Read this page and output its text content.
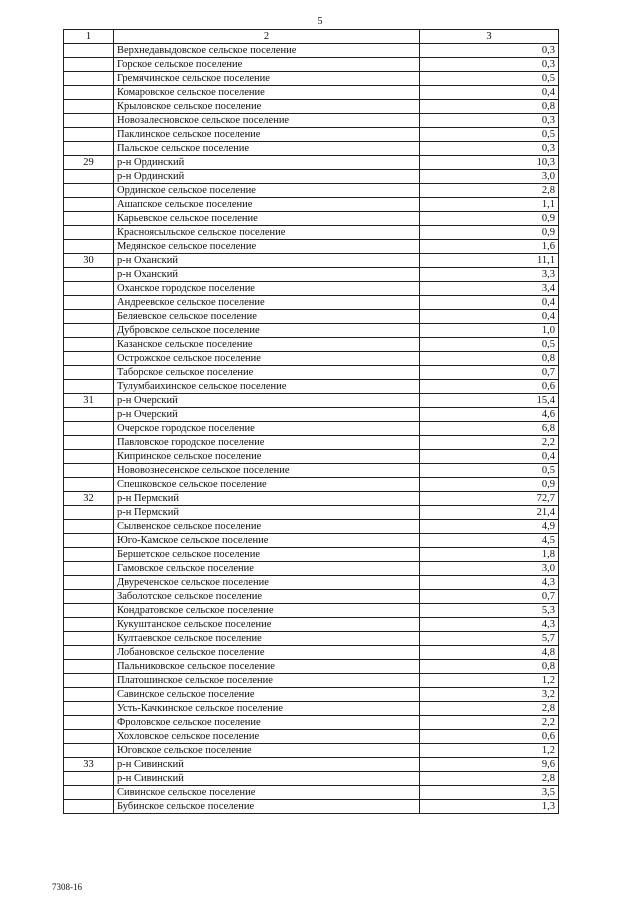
5
1	2	3
	Верхнедавыдовское сельское поселение	0,3
	Горское сельское поселение	0,3
	Гремячинское сельское поселение	0,5
	Комаровское сельское поселение	0,4
	Крыловское сельское поселение	0,8
	Новозалесновское сельское поселение	0,3
	Паклинское сельское поселение	0,5
	Пальское сельское поселение	0,3
29	р-н Ординский	10,3
	р-н Ординский	3,0
	Ординское сельское поселение	2,8
	Ашапское сельское поселение	1,1
	Карьевское сельское поселение	0,9
	Красноясыльское сельское поселение	0,9
	Медянское сельское поселение	1,6
30	р-н Оханский	11,1
	р-н Оханский	3,3
	Оханское городское поселение	3,4
	Андреевское сельское поселение	0,4
	Беляевское сельское поселение	0,4
	Дубровское сельское поселение	1,0
	Казанское сельское поселение	0,5
	Острожское сельское поселение	0,8
	Таборское сельское поселение	0,7
	Тулумбаихинское сельское поселение	0,6
31	р-н Очерский	15,4
	р-н Очерский	4,6
	Очерское городское поселение	6,8
	Павловское городское поселение	2,2
	Кипринское сельское поселение	0,4
	Нововознесенское сельское поселение	0,5
	Спешковское сельское поселение	0,9
32	р-н Пермский	72,7
	р-н Пермский	21,4
	Сылвенское сельское поселение	4,9
	Юго-Камское сельское поселение	4,5
	Бершетское сельское поселение	1,8
	Гамовское сельское поселение	3,0
	Двуреченское сельское поселение	4,3
	Заболотское сельское поселение	0,7
	Кондратовское сельское поселение	5,3
	Кукуштанское сельское поселение	4,3
	Култаевское сельское поселение	5,7
	Лобановское сельское поселение	4,8
	Пальниковское сельское поселение	0,8
	Платошинское сельское поселение	1,2
	Савинское сельское поселение	3,2
	Усть-Качкинское сельское поселение	2,8
	Фроловское сельское поселение	2,2
	Хохловское сельское поселение	0,6
	Юговское сельское поселение	1,2
33	р-н Сивинский	9,6
	р-н Сивинский	2,8
	Сивинское сельское поселение	3,5
	Бубинское сельское поселение	1,3
7308-16
